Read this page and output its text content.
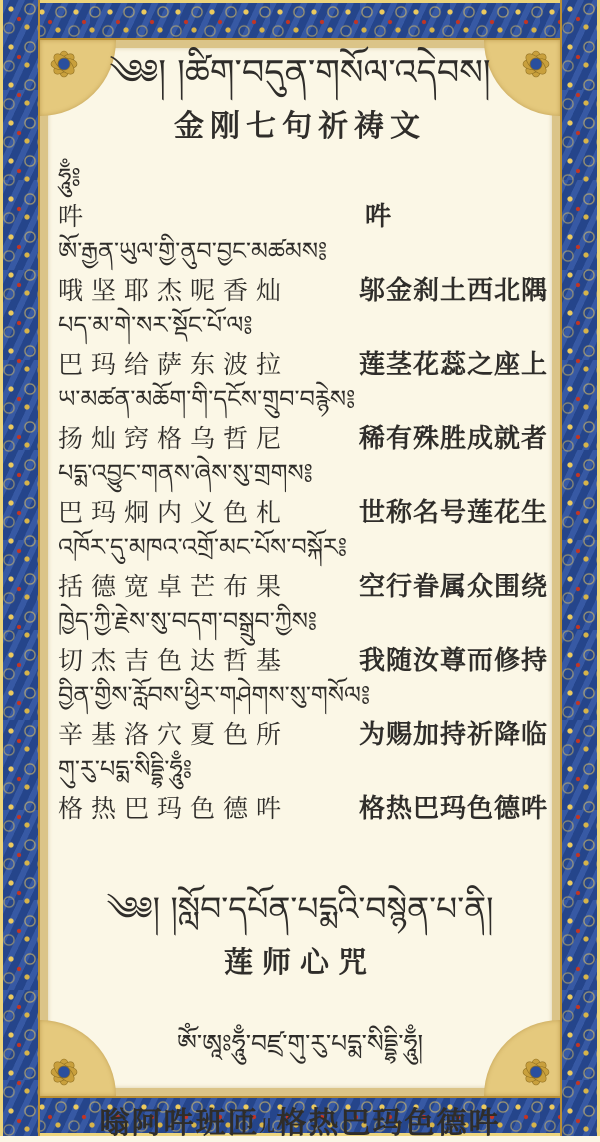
༄༅། །ཚིག་བདུན་གསོལ་འདེབས།
金刚七句祈祷文
ཧཱུྃ༔
吽	吽
ཨོ་རྒྱན་ཡུལ་གྱི་ནུབ་བྱང་མཚམས༔
哦坚耶杰呢香灿	邬金刹土西北隅
པད་མ་གེ་སར་སྡོང་པོ་ལ༔
巴玛给萨东波拉	莲茎花蕊之座上
ཡ་མཚན་མཆོག་གི་དངོས་གྲུབ་བརྙེས༔
扬灿窍格乌哲尼	稀有殊胜成就者
པདྨ་འབྱུང་གནས་ཞེས་སུ་གྲགས༔
巴玛炯内义色札	世称名号莲花生
འཁོར་དུ་མཁའ་འགྲོ་མང་པོས་བསྐོར༔
括德宽卓芒布果	空行眷属众围绕
ཁྱེད་ཀྱི་རྗེས་སུ་བདག་བསྒྲུབ་ཀྱིས༔
切杰吉色达哲基	我随汝尊而修持
བྱིན་གྱིས་རློབས་ཕྱིར་གཤེགས་སུ་གསོལ༔
辛基洛穴夏色所	为赐加持祈降临
གུ་རུ་པདྨ་སིདྡྷི་ཧཱུྃ༔
格热巴玛色德吽	格热巴玛色德吽
༄༅། །སློབ་དཔོན་པདྨའི་བསྙེན་པ་ནི།
莲师心咒
ཨོཾ་ཨཱཿཧཱུྃ་བཛྲ་གུ་རུ་པདྨ་སིདྡྷི་ཧཱུྃ།
嗡阿吽班匝儿格热巴玛色德吽
